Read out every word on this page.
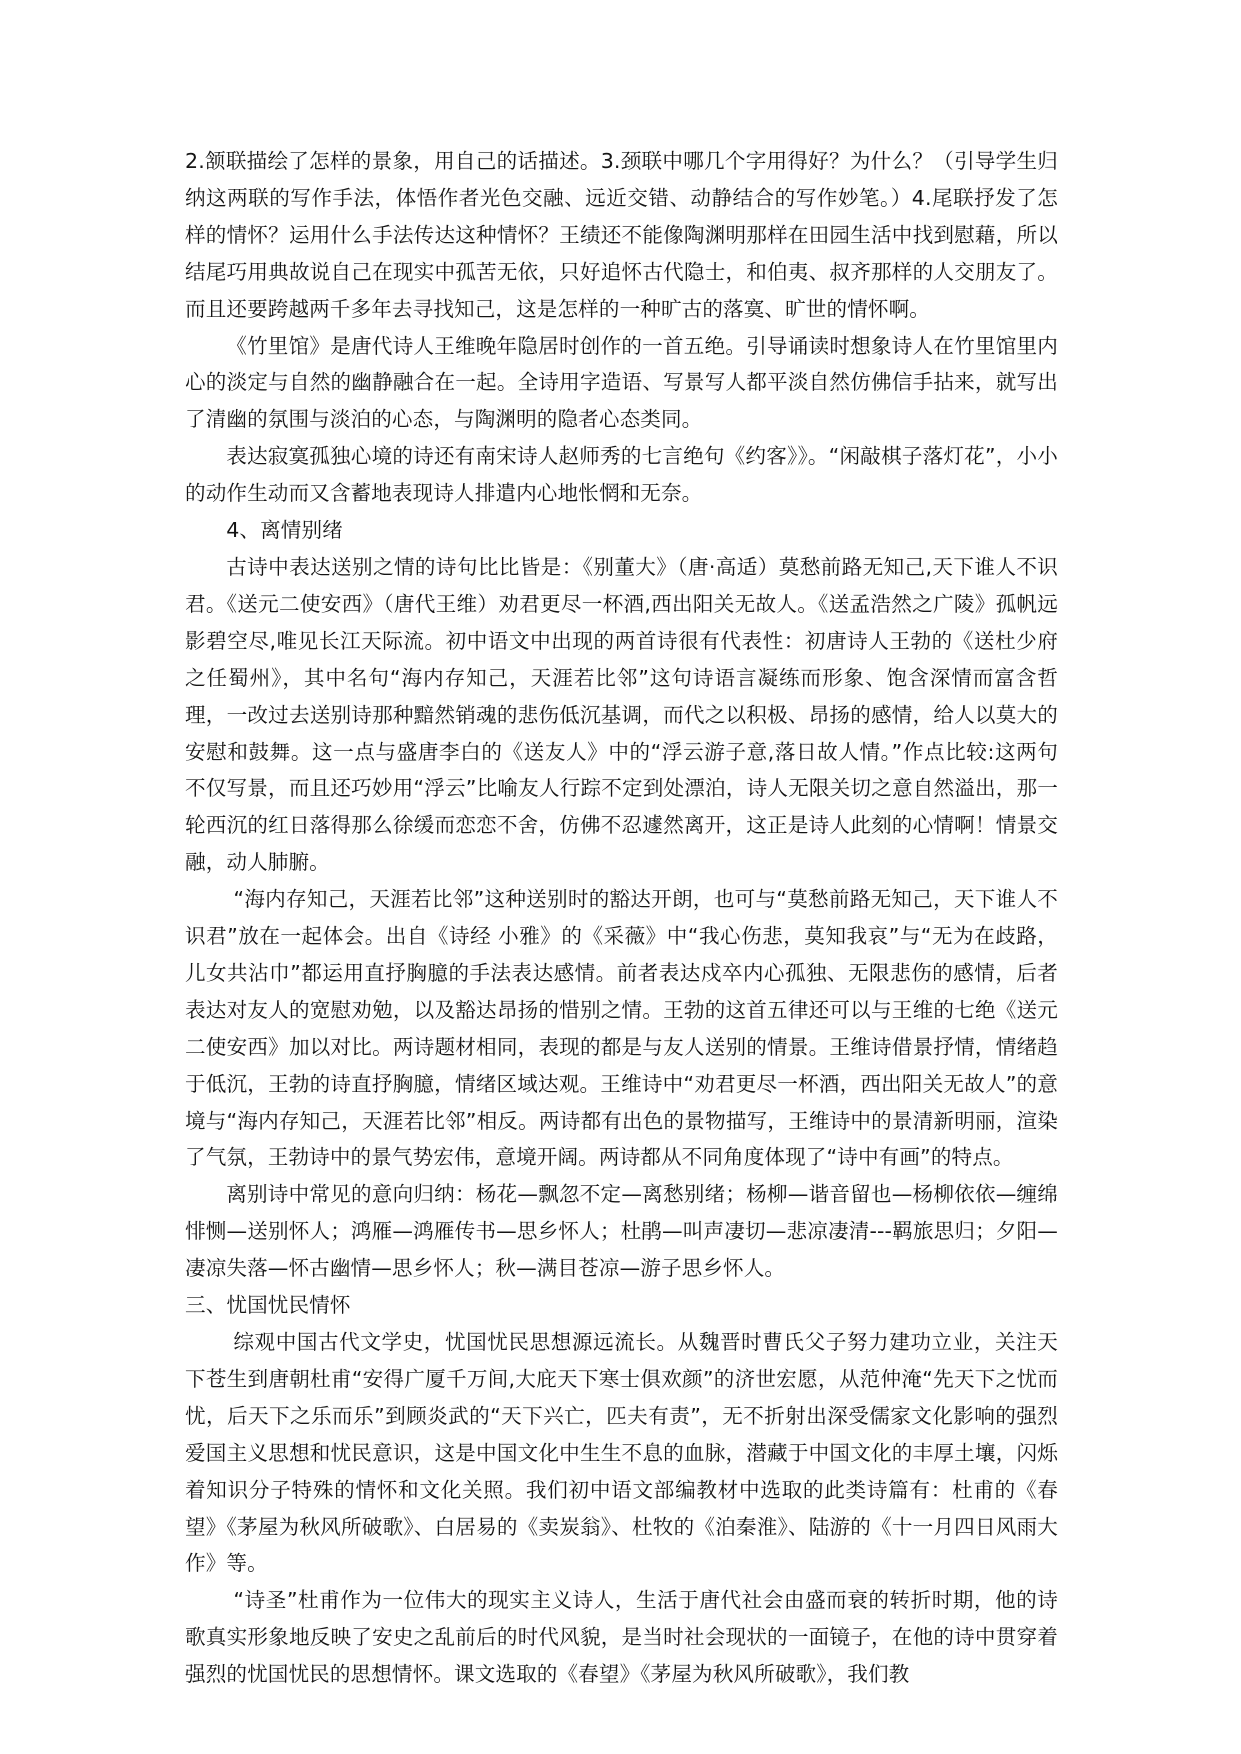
2.颔联描绘了怎样的景象，用自己的话描述。3.颈联中哪几个字用得好？为什么？（引导学生归纳这两联的写作手法，体悟作者光色交融、远近交错、动静结合的写作妙笔。）4.尾联抒发了怎样的情怀？运用什么手法传达这种情怀？王绩还不能像陶渊明那样在田园生活中找到慰藉，所以结尾巧用典故说自己在现实中孤苦无依，只好追怀古代隐士，和伯夷、叔齐那样的人交朋友了。而且还要跨越两千多年去寻找知己，这是怎样的一种旷古的落寞、旷世的情怀啊。

《竹里馆》是唐代诗人王维晚年隐居时创作的一首五绝。引导诵读时想象诗人在竹里馆里内心的淡定与自然的幽静融合在一起。全诗用字造语、写景写人都平淡自然仿佛信手拈来，就写出了清幽的氛围与淡泊的心态，与陶渊明的隐者心态类同。

表达寂寞孤独心境的诗还有南宋诗人赵师秀的七言绝句《约客》》。“闲敲棋子落灯花”，小小的动作生动而又含蓄地表现诗人排遣内心地怅惘和无奈。

4、离情别绪

古诗中表达送别之情的诗句比比皆是：《别董大》（唐·高适）莫愁前路无知己,天下谁人不识君。《送元二使安西》（唐代王维）劝君更尽一杯酒,西出阳关无故人。《送孟浩然之广陵》孤帆远影碧空尽,唯见长江天际流。初中语文中出现的两首诗很有代表性：初唐诗人王勃的《送杜少府之任蜀州》，其中名句“海内存知己，天涯若比邻”这句诗语言凝练而形象、饱含深情而富含哲理，一改过去送别诗那种黯然销魂的悲伤低沉基调，而代之以积极、昂扬的感情，给人以莫大的安慰和鼓舞。这一点与盛唐李白的《送友人》中的“浮云游子意,落日故人情。”作点比较:这两句不仅写景，而且还巧妙用“浮云”比喻友人行踪不定到处漂泊，诗人无限关切之意自然溢出，那一轮西沉的红日落得那么徐缓而恋恋不舍，仿佛不忍遽然离开，这正是诗人此刻的心情啊！情景交融，动人肺腑。

“海内存知己，天涯若比邻”这种送别时的豁达开朗，也可与“莫愁前路无知己，天下谁人不识君”放在一起体会。出自《诗经 小雅》的《采薇》中“我心伤悲，莫知我哀”与“无为在歧路，儿女共沾巾”都运用直抒胸臆的手法表达感情。前者表达戍卒内心孤独、无限悲伤的感情，后者表达对友人的宽慰劝勉，以及豁达昂扬的惜别之情。王勃的这首五律还可以与王维的七绝《送元二使安西》加以对比。两诗题材相同，表现的都是与友人送别的情景。王维诗借景抒情，情绪趋于低沉，王勃的诗直抒胸臆，情绪区域达观。王维诗中“劝君更尽一杯酒，西出阳关无故人”的意境与“海内存知己，天涯若比邻”相反。两诗都有出色的景物描写，王维诗中的景清新明丽，渲染了气氛，王勃诗中的景气势宏伟，意境开阔。两诗都从不同角度体现了“诗中有画”的特点。

离别诗中常见的意向归纳：杨花—飘忽不定—离愁别绪；杨柳—谐音留也—杨柳依依—缠绵悱恻—送别怀人；鸿雁—鸿雁传书—思乡怀人；杜鹃—叫声凄切—悲凉凄清---羁旅思归；夕阳—凄凉失落—怀古幽情—思乡怀人；秋—满目苍凉—游子思乡怀人。

三、忧国忧民情怀

综观中国古代文学史，忧国忧民思想源远流长。从魏晋时曹氏父子努力建功立业，关注天下苍生到唐朝杜甫“安得广厦千万间,大庇天下寒士俱欢颜”的济世宏愿，从范仲淹“先天下之忧而忧，后天下之乐而乐”到顾炎武的“天下兴亡，匹夫有责”，无不折射出深受儒家文化影响的强烈爱国主义思想和忧民意识，这是中国文化中生生不息的血脉，潜藏于中国文化的丰厚土壤，闪烁着知识分子特殊的情怀和文化关照。我们初中语文部编教材中选取的此类诗篇有：杜甫的《春望》《茅屋为秋风所破歌》、白居易的《卖炭翁》、杜牧的《泊秦淮》、陆游的《十一月四日风雨大作》等。

“诗圣”杜甫作为一位伟大的现实主义诗人，生活于唐代社会由盛而衰的转折时期，他的诗歌真实形象地反映了安史之乱前后的时代风貌，是当时社会现状的一面镜子，在他的诗中贯穿着强烈的忧国忧民的思想情怀。课文选取的《春望》《茅屋为秋风所破歌》，我们教
